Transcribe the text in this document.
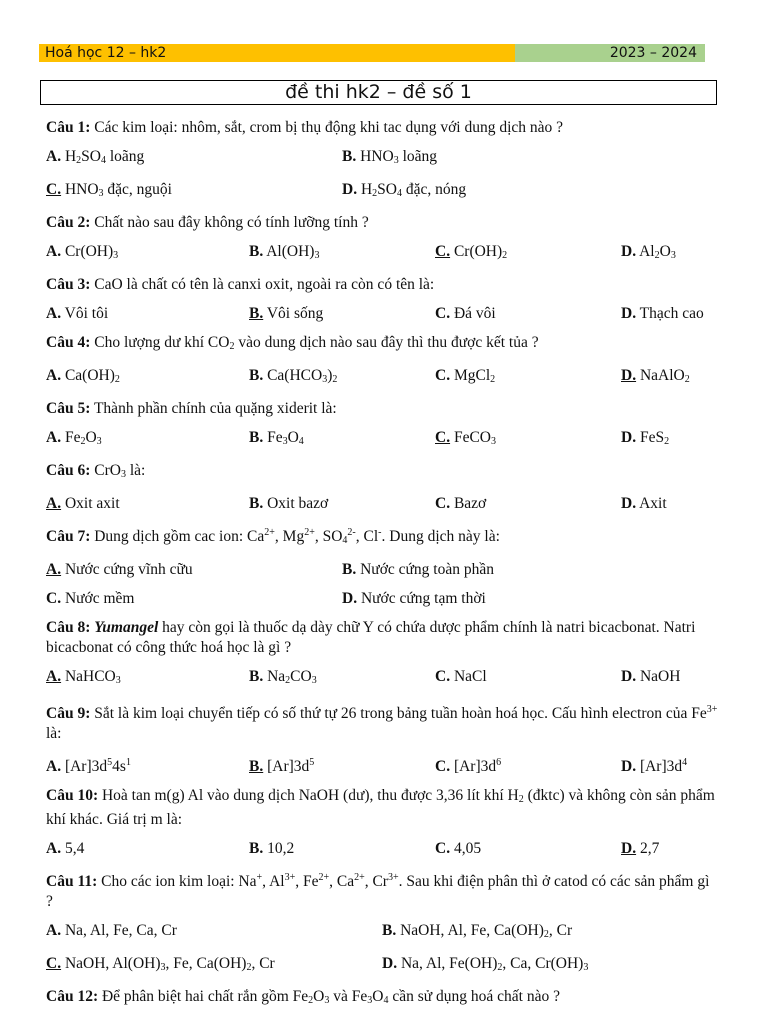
Hoá học 12 – hk2	2023 – 2024
đề thi hk2 – đề số 1

Câu 1: Các kim loại: nhôm, sắt, crom bị thụ động khi tac dụng với dung dịch nào ?

A. $H_2SO_4$ loãng	B. $HNO_3$ loãng
C. $HNO_3$ đặc, nguội	D. $H_2SO_4$ đặc, nóng

Câu 2: Chất nào sau đây không có tính lưỡng tính ?

A. $Cr(OH)_3$	B. $Al(OH)_3$	C. $Cr(OH)_2$	D. $Al_2O_3$

Câu 3: CaO là chất có tên là canxi oxit, ngoài ra còn có tên là:

A. Vôi tôi	B. Vôi sống	C. Đá vôi	D. Thạch cao

Câu 4: Cho lượng dư khí $CO_2$ vào dung dịch nào sau đây thì thu được kết tủa ?

A. $Ca(OH)_2$	B. $Ca(HCO_3)_2$	C. MgCl$_2$	D. NaAlO$_2$

Câu 5: Thành phần chính của quặng xiderit là:

A. $Fe_2O_3$	B. $Fe_3O_4$	C. FeCO$_3$	D. FeS$_2$

Câu 6: CrO$_3$ là:

A. Oxit axit	B. Oxit bazơ	C. Bazơ	D. Axit

Câu 7: Dung dịch gồm cac ion: $Ca^{2+}$, $Mg^{2+}$, $SO_4^{2-}$, Cl-. Dung dịch này là:

A. Nước cứng vĩnh cữu	B. Nước cứng toàn phần
C. Nước mềm	D. Nước cứng tạm thời

Câu 8: Yumangel hay còn gọi là thuốc dạ dày chữ Y có chứa dược phẩm chính là natri bicacbonat. Natri bicacbonat có công thức hoá học là gì ?

A. NaHCO$_3$	B. $Na_2CO_3$	C. NaCl	D. NaOH

Câu 9: Sắt là kim loại chuyển tiếp có số thứ tự 26 trong bảng tuần hoàn hoá học. Cấu hình electron của $Fe^{3+}$ là:

A. $[Ar]3d^54s^1$	B. $[Ar]3d^5$	C. $[Ar]3d^6$	D. $[Ar]3d^4$

Câu 10: Hoà tan m(g) Al vào dung dịch NaOH (dư), thu được 3,36 lít khí $H_2$ (đktc) và không còn sản phẩm khí khác. Giá trị m là:

A. 5,4	B. 10,2	C. 4,05	D. 2,7

Câu 11: Cho các ion kim loại: Na+, $Al^{3+}$, $Fe^{2+}$, $Ca^{2+}$, $Cr^{3+}$. Sau khi điện phân thì ở catod có các sản phẩm gì ?

A. Na, Al, Fe, Ca, Cr	B. NaOH, Al, Fe, $Ca(OH)_2$, Cr
C. NaOH, $Al(OH)_3$, Fe, $Ca(OH)_2$, Cr	D. Na, Al, $Fe(OH)_2$, Ca, $Cr(OH)_3$

Câu 12: Để phân biệt hai chất rắn gồm $Fe_2O_3$ và $Fe_3O_4$ cần sử dụng hoá chất nào ?
